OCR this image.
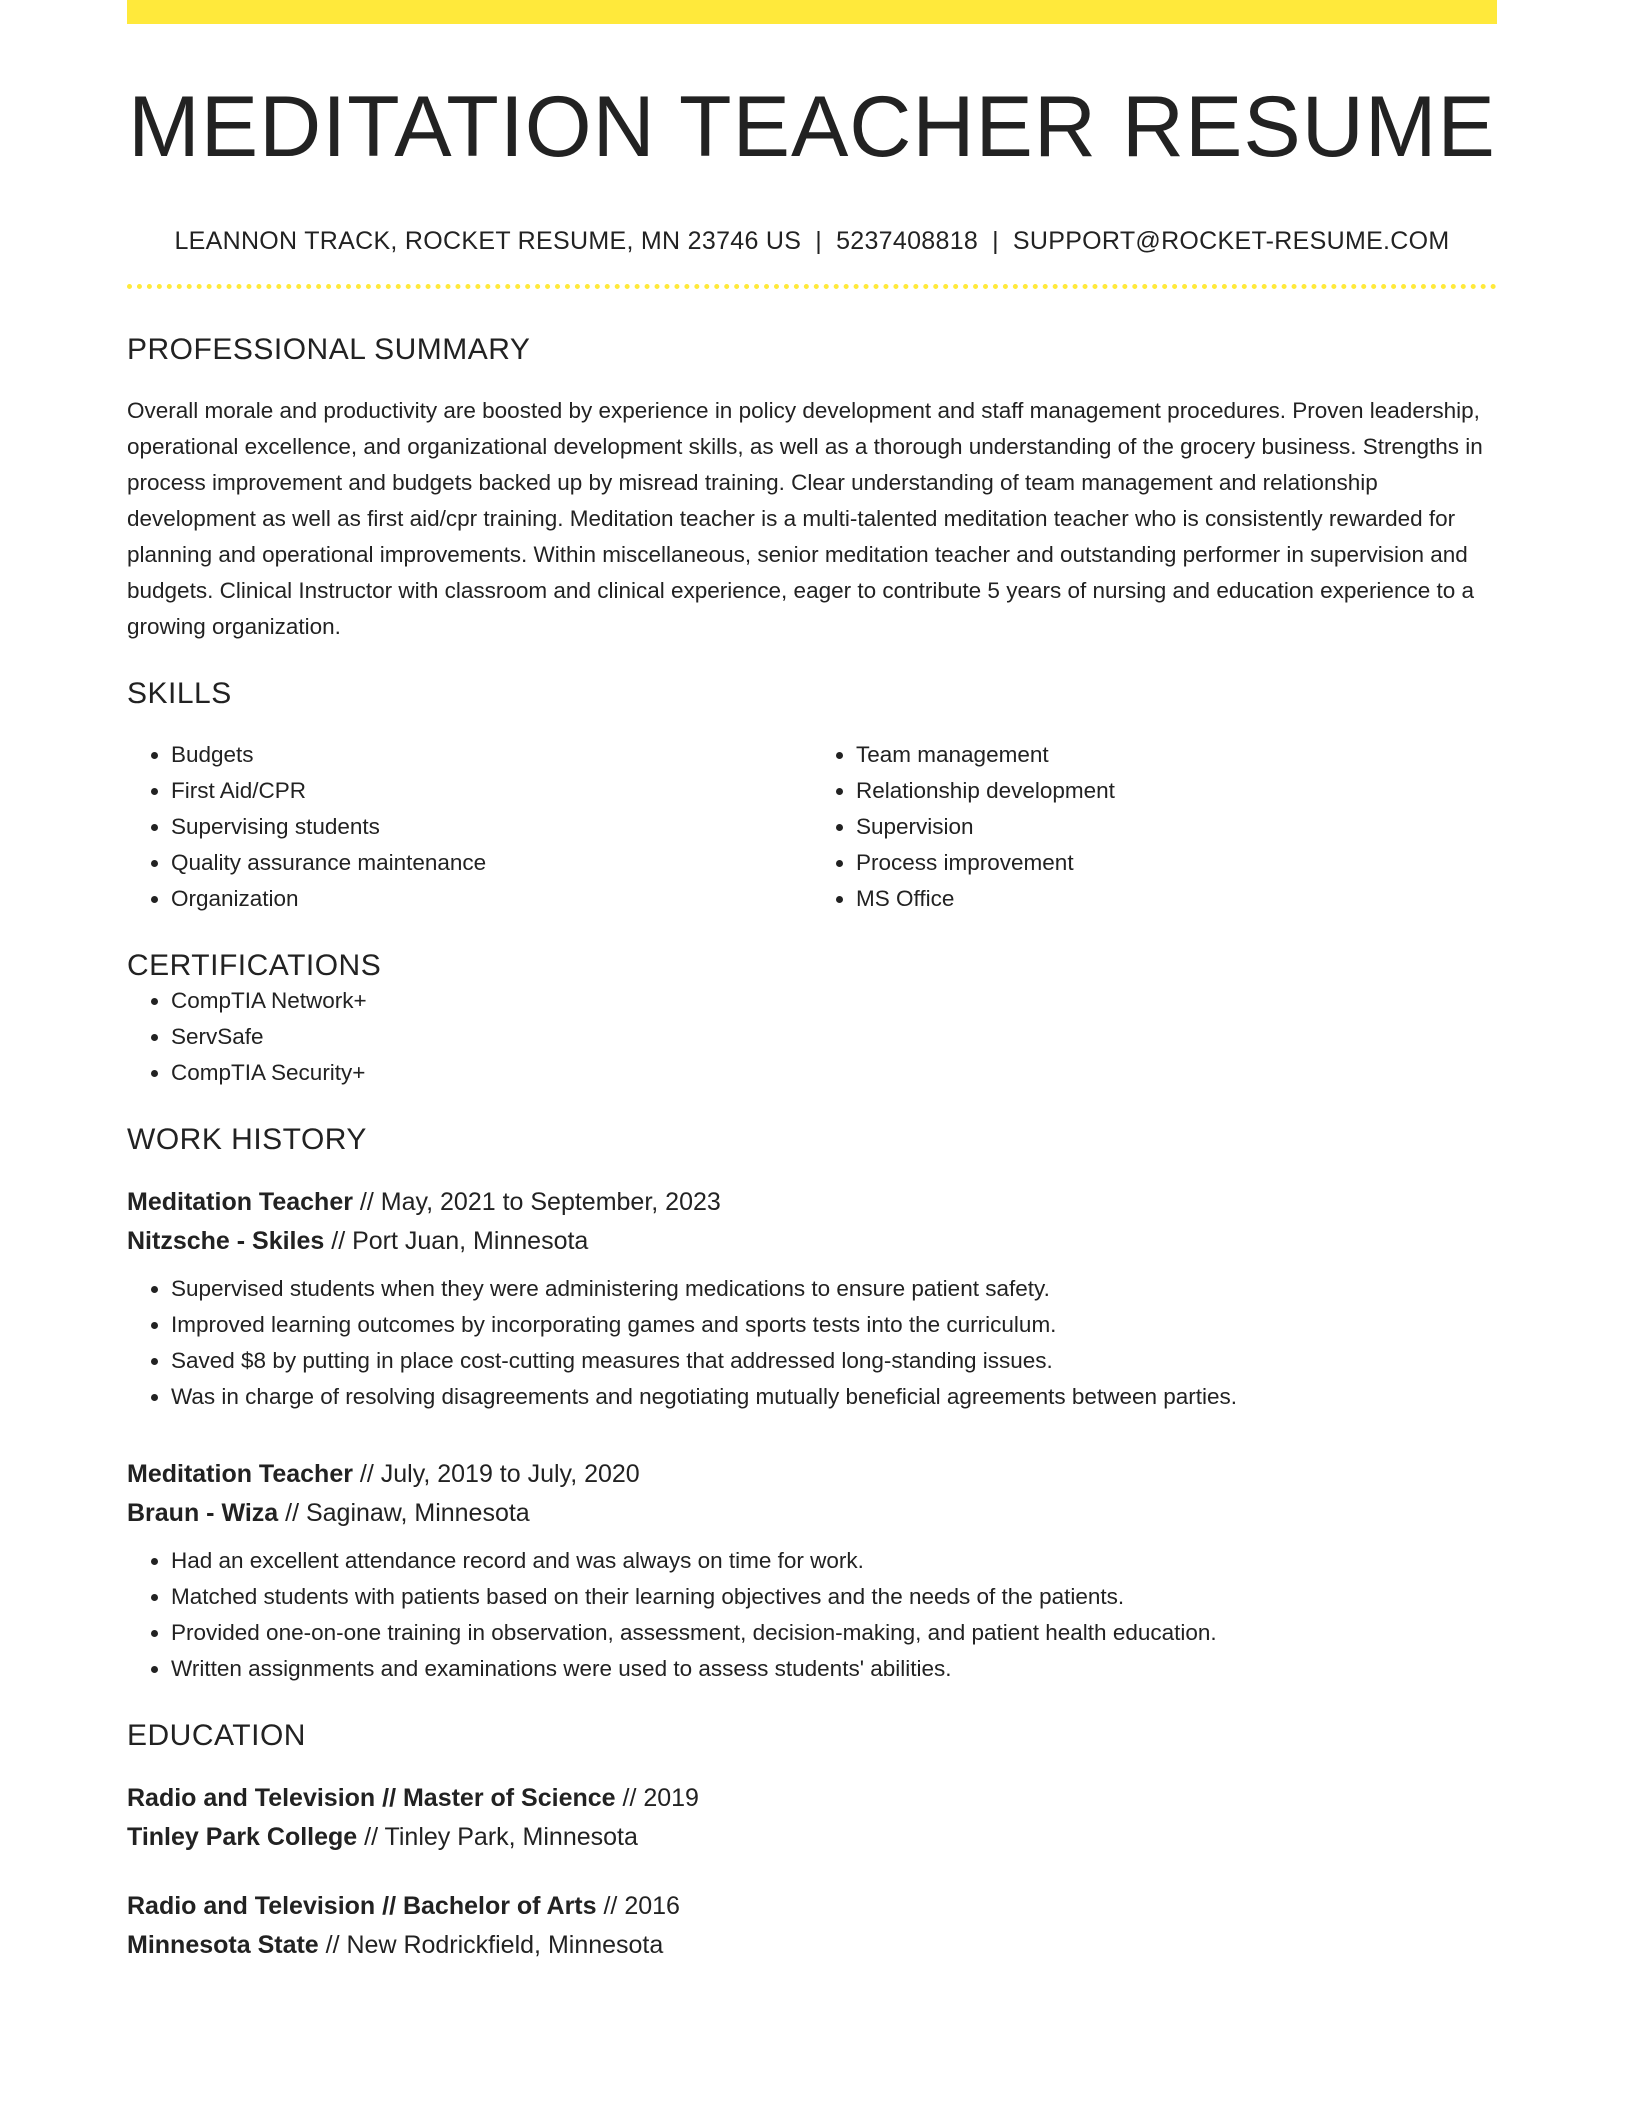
MEDITATION TEACHER RESUME
LEANNON TRACK, ROCKET RESUME, MN 23746 US | 5237408818 | SUPPORT@ROCKET-RESUME.COM
PROFESSIONAL SUMMARY
Overall morale and productivity are boosted by experience in policy development and staff management procedures. Proven leadership, operational excellence, and organizational development skills, as well as a thorough understanding of the grocery business. Strengths in process improvement and budgets backed up by misread training. Clear understanding of team management and relationship development as well as first aid/cpr training. Meditation teacher is a multi-talented meditation teacher who is consistently rewarded for planning and operational improvements. Within miscellaneous, senior meditation teacher and outstanding performer in supervision and budgets. Clinical Instructor with classroom and clinical experience, eager to contribute 5 years of nursing and education experience to a growing organization.
SKILLS
• Budgets
• First Aid/CPR
• Supervising students
• Quality assurance maintenance
• Organization
• Team management
• Relationship development
• Supervision
• Process improvement
• MS Office
CERTIFICATIONS
• CompTIA Network+
• ServSafe
• CompTIA Security+
WORK HISTORY
Meditation Teacher // May, 2021 to September, 2023
Nitzsche - Skiles // Port Juan, Minnesota
• Supervised students when they were administering medications to ensure patient safety.
• Improved learning outcomes by incorporating games and sports tests into the curriculum.
• Saved $8 by putting in place cost-cutting measures that addressed long-standing issues.
• Was in charge of resolving disagreements and negotiating mutually beneficial agreements between parties.
Meditation Teacher // July, 2019 to July, 2020
Braun - Wiza // Saginaw, Minnesota
• Had an excellent attendance record and was always on time for work.
• Matched students with patients based on their learning objectives and the needs of the patients.
• Provided one-on-one training in observation, assessment, decision-making, and patient health education.
• Written assignments and examinations were used to assess students' abilities.
EDUCATION
Radio and Television // Master of Science // 2019
Tinley Park College // Tinley Park, Minnesota
Radio and Television // Bachelor of Arts // 2016
Minnesota State // New Rodrickfield, Minnesota
